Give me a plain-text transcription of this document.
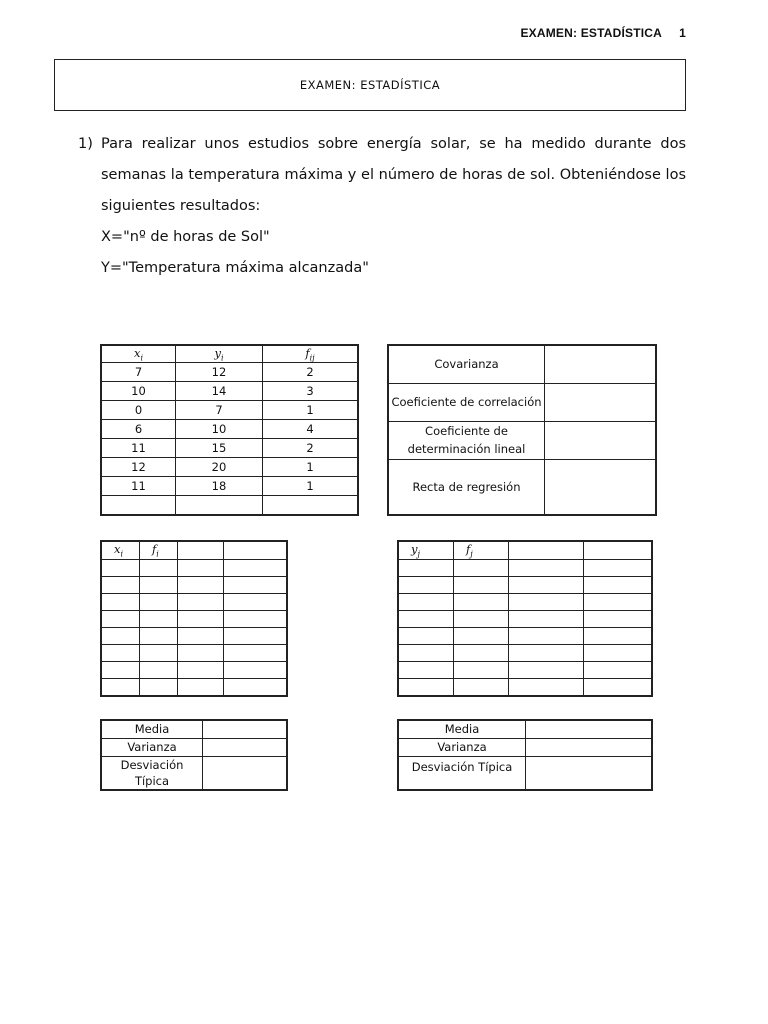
EXAMEN: ESTADÍSTICA 1
EXAMEN: ESTADÍSTICA
1) Para realizar unos estudios sobre energía solar, se ha medido durante dos semanas la temperatura máxima y el número de horas de sol. Obteniéndose los siguientes resultados:

X="nº de horas de Sol"

Y="Temperatura máxima alcanzada"

$x_i$	$y_i$	$f_{ij}$
7	12	2
10	14	3
0	7	1
6	10	4
11	15	2
12	20	1
11	18	1

Covarianza	
Coeficiente de correlación	
Coeficiente de determinación lineal	
Recta de regresión	
$x_i$	$f_i$		

				$y_j$	$f_j$		

Media	
Varianza	
Desviación Típica	
Media	
Varianza	
Desviación Típica	
